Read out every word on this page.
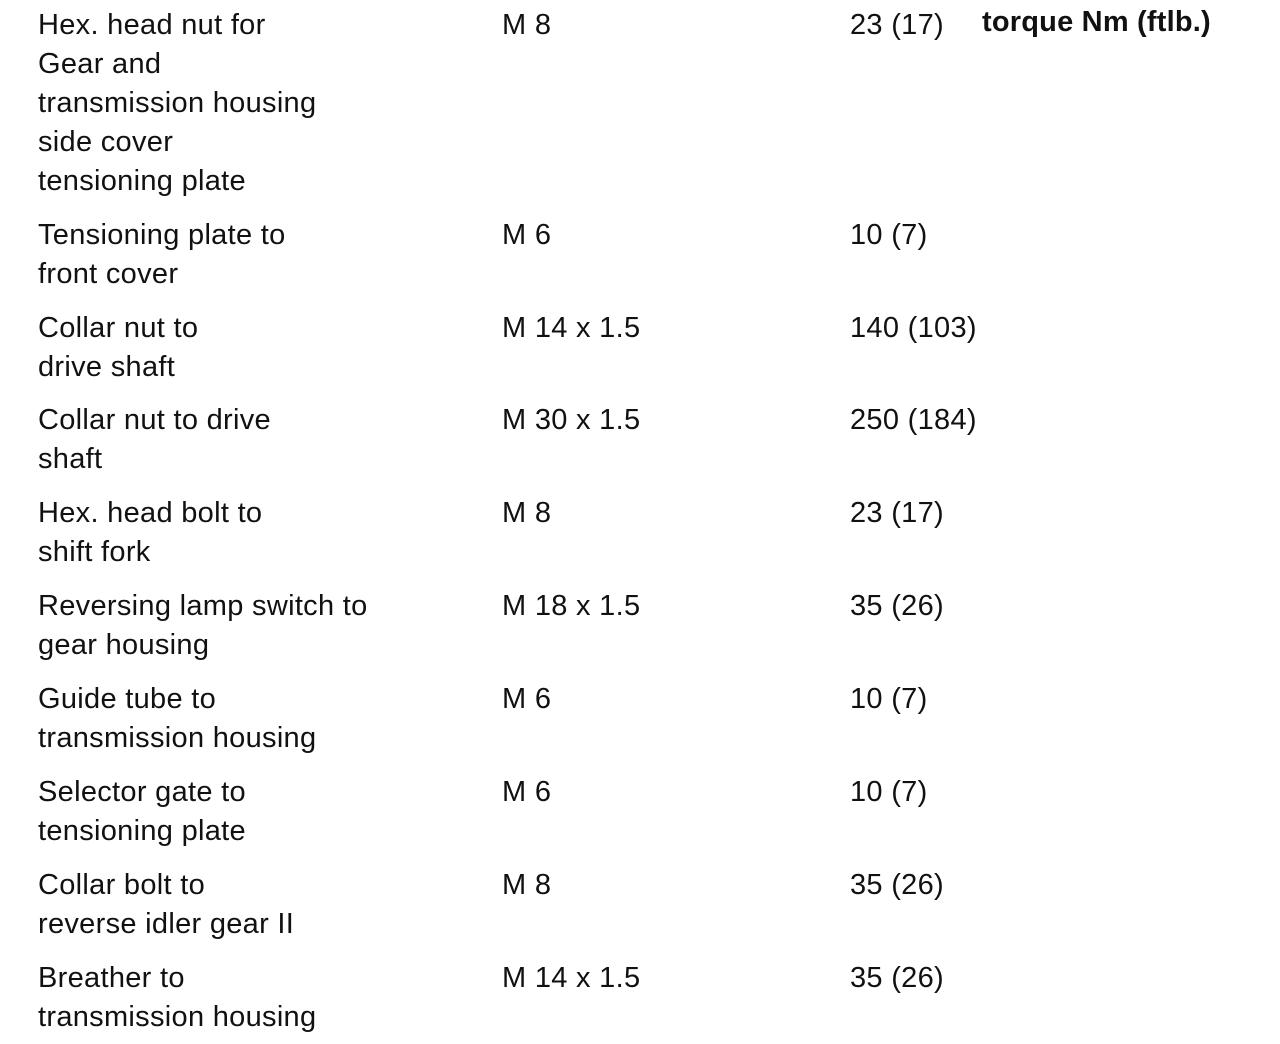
torque Nm (ftlb.)
Hex. head nut for
Gear and
transmission housing
side cover
tensioning plate
M 8	23 (17)
Tensioning plate to
front cover
M 6	10 (7)
Collar nut to
drive shaft
M 14 x 1.5	140 (103)
Collar nut to drive
shaft
M 30 x 1.5	250 (184)
Hex. head bolt to
shift fork
M 8	23 (17)
Reversing lamp switch to
gear housing
M 18 x 1.5	35 (26)
Guide tube to
transmission housing
M 6	10 (7)
Selector gate to
tensioning plate
M 6	10 (7)
Collar bolt to
reverse idler gear II
M 8	35 (26)
Breather to
transmission housing
M 14 x 1.5	35 (26)
